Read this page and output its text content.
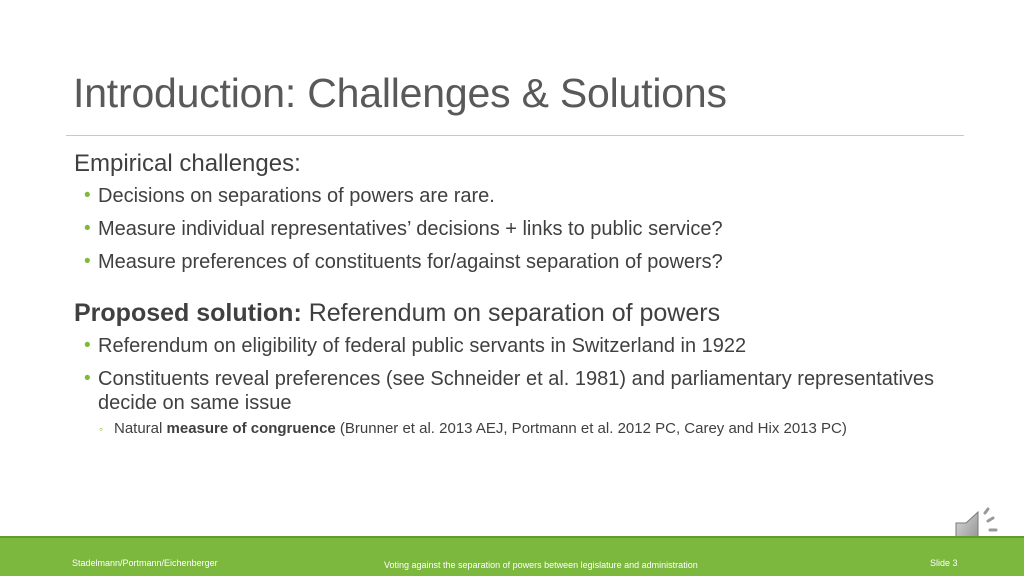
Introduction: Challenges & Solutions

Empirical challenges:

• Decisions on separations of powers are rare.
• Measure individual representatives’ decisions + links to public service?
• Measure preferences of constituents for/against separation of powers?

Proposed solution: Referendum on separation of powers

• Referendum on eligibility of federal public servants in Switzerland in 1922
• Constituents reveal preferences (see Schneider et al. 1981) and parliamentary representatives decide on same issue
◦ Natural measure of congruence (Brunner et al. 2013 AEJ, Portmann et al. 2012 PC, Carey and Hix 2013 PC)
Stadelmann/Portmann/Eichenberger	Voting against the separation of powers between legislature and administration	Slide 3
